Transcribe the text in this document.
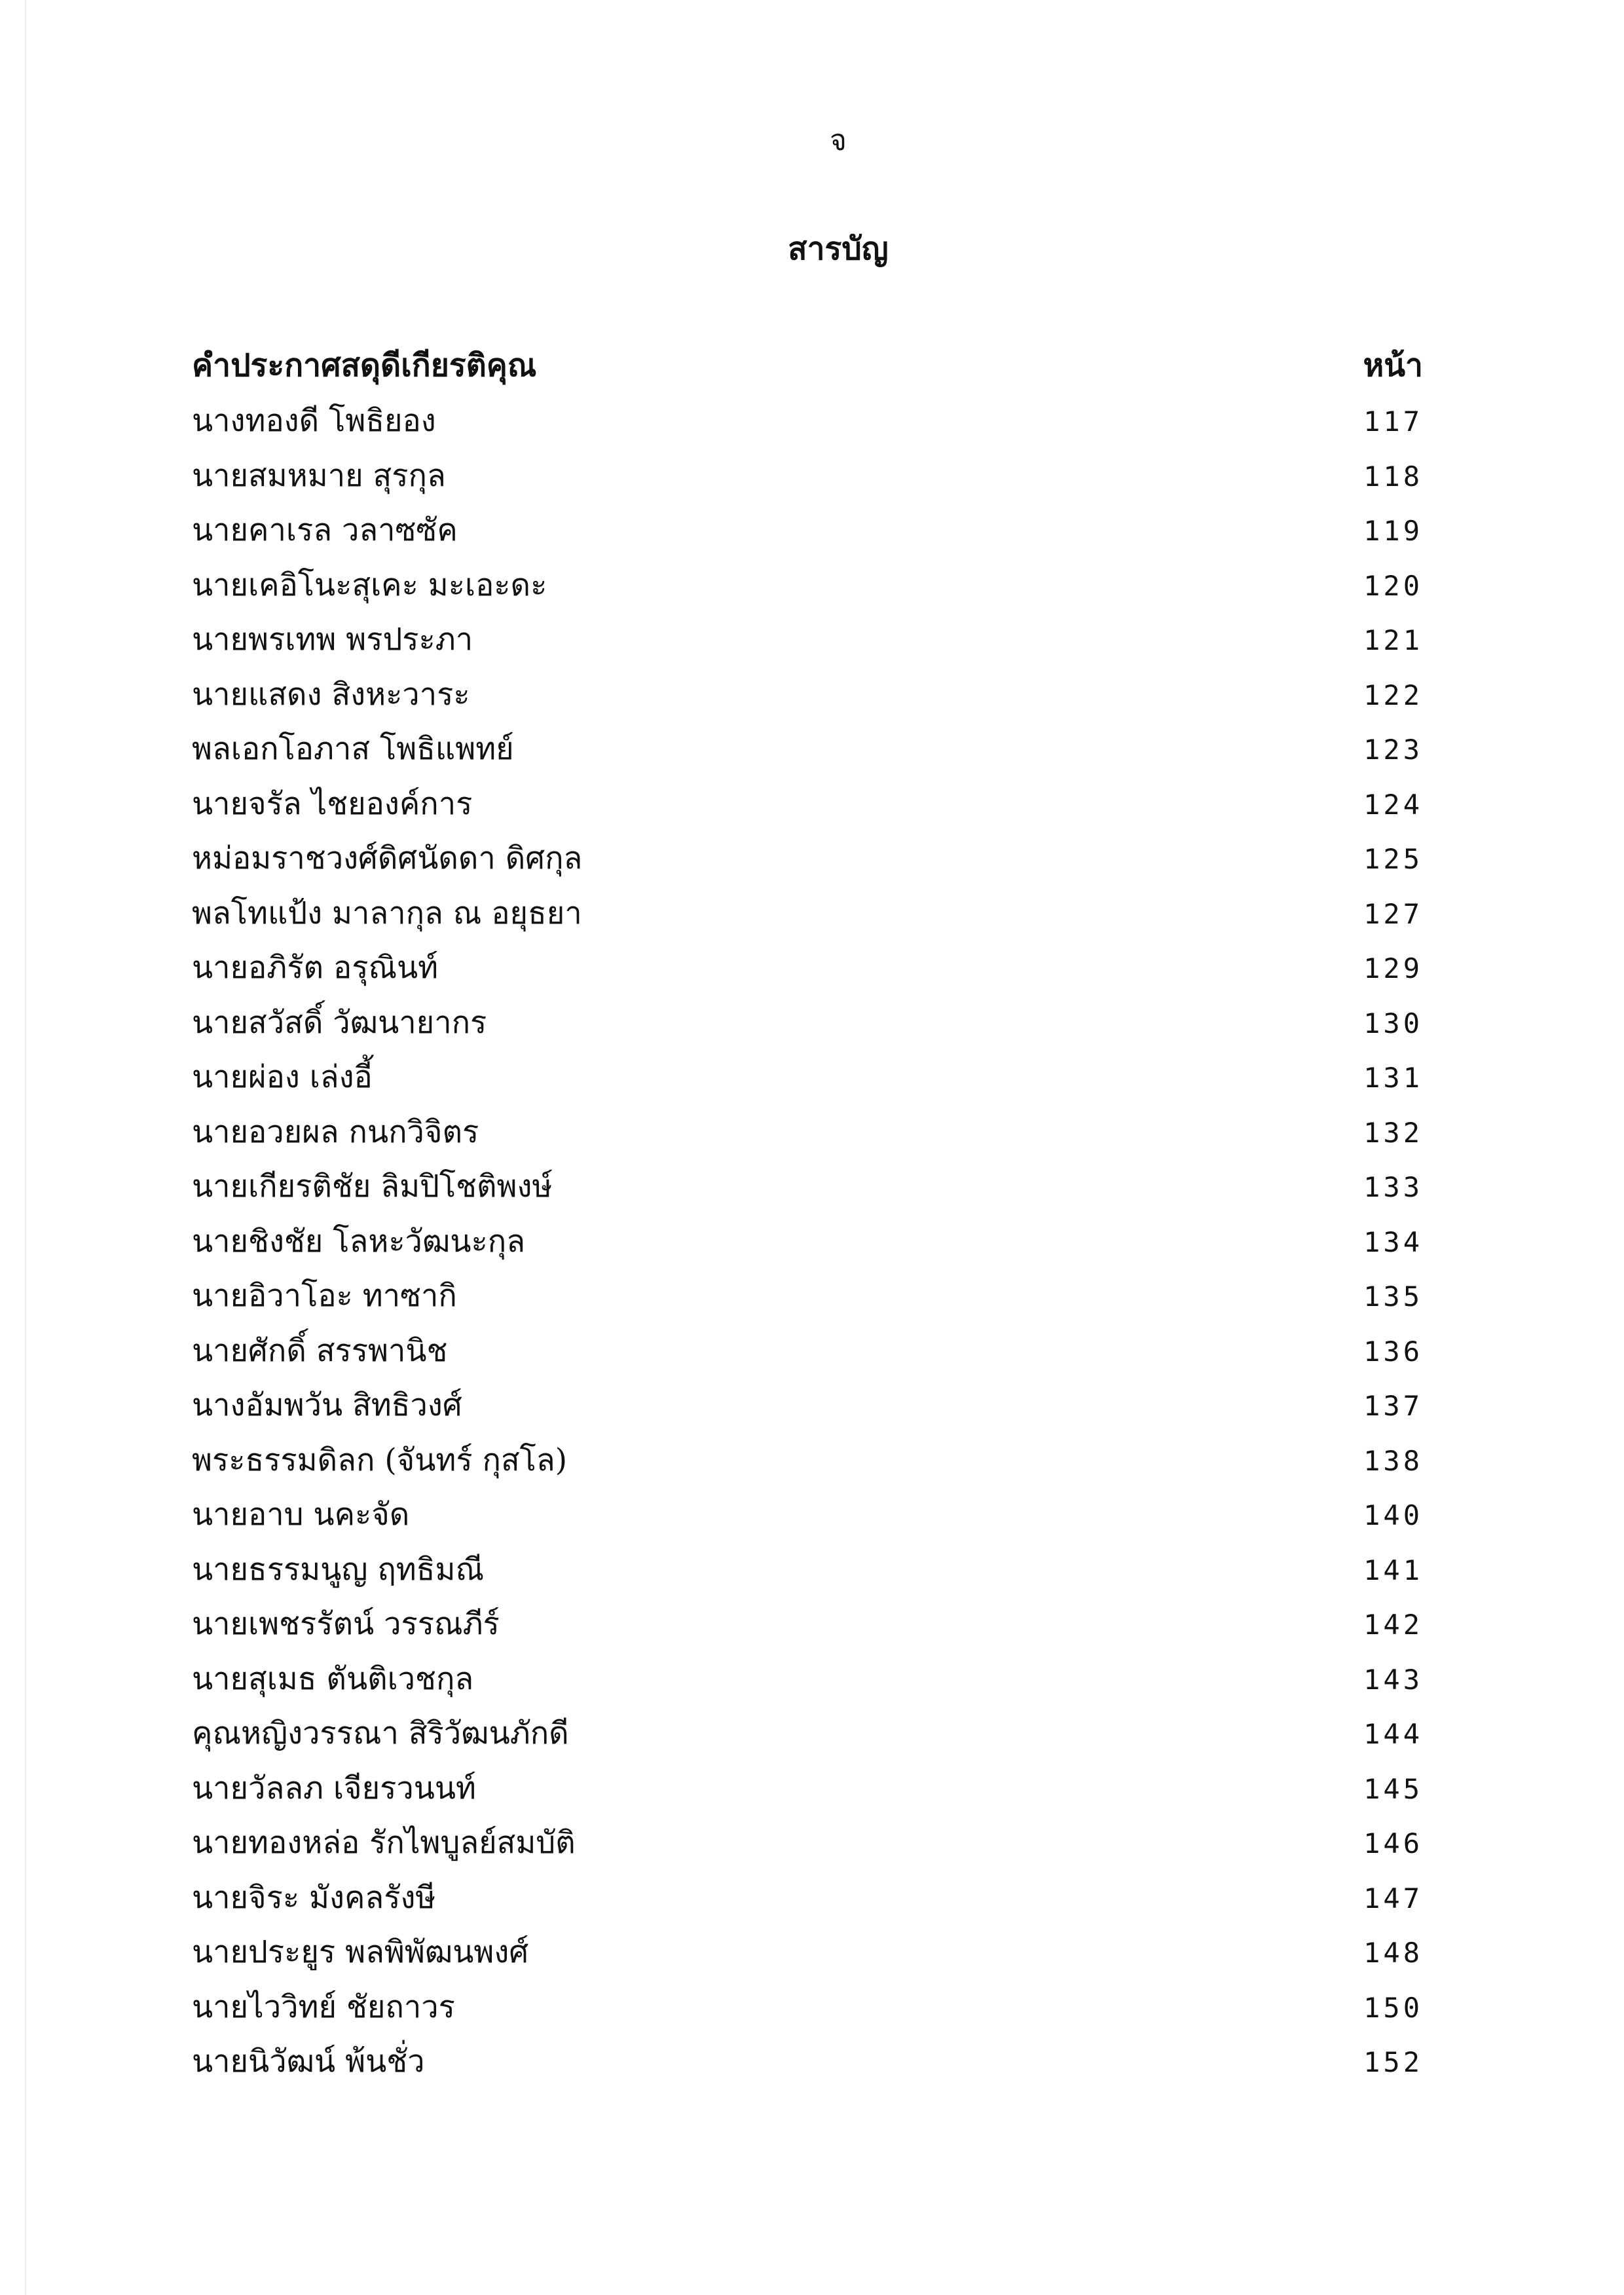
จ
สารบัญ
คำประกาศสดุดีเกียรติคุณ	หน้า
นางทองดี โพธิยอง	117
นายสมหมาย สุรกุล	118
นายคาเรล วลาซซัค	119
นายเคอิโนะสุเคะ มะเอะดะ	120
นายพรเทพ พรประภา	121
นายแสดง สิงหะวาระ	122
พลเอกโอภาส โพธิแพทย์	123
นายจรัล ไชยองค์การ	124
หม่อมราชวงศ์ดิศนัดดา ดิศกุล	125
พลโทแป้ง มาลากุล ณ อยุธยา	127
นายอภิรัต อรุณินท์	129
นายสวัสดิ์ วัฒนายากร	130
นายผ่อง เล่งอี้	131
นายอวยผล กนกวิจิตร	132
นายเกียรติชัย ลิมปิโชติพงษ์	133
นายชิงชัย โลหะวัฒนะกุล	134
นายอิวาโอะ ทาซากิ	135
นายศักดิ์ สรรพานิช	136
นางอัมพวัน สิทธิวงศ์	137
พระธรรมดิลก (จันทร์ กุสโล)	138
นายอาบ นคะจัด	140
นายธรรมนูญ ฤทธิมณี	141
นายเพชรรัตน์ วรรณภีร์	142
นายสุเมธ ตันติเวชกุล	143
คุณหญิงวรรณา สิริวัฒนภักดี	144
นายวัลลภ เจียรวนนท์	145
นายทองหล่อ รักไพบูลย์สมบัติ	146
นายจิระ มังคลรังษี	147
นายประยูร พลพิพัฒนพงศ์	148
นายไววิทย์ ชัยถาวร	150
นายนิวัฒน์ พ้นชั่ว	152
